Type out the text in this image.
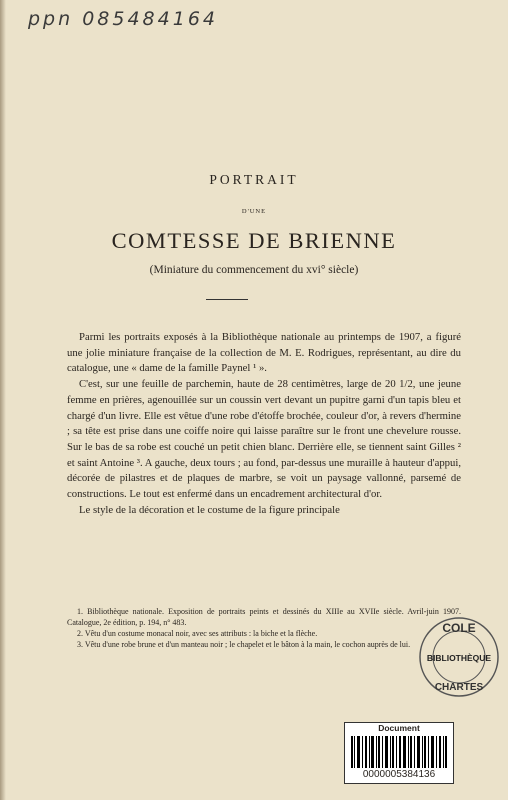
ppn 085484164
PORTRAIT
D'UNE
COMTESSE DE BRIENNE
(Miniature du commencement du xvi° siècle)

Parmi les portraits exposés à la Bibliothèque nationale au printemps de 1907, a figuré une jolie miniature française de la collection de M. E. Rodrigues, représentant, au dire du catalogue, une « dame de la famille Paynel ¹ ».

C'est, sur une feuille de parchemin, haute de 28 centimètres, large de 20 1/2, une jeune femme en prières, agenouillée sur un coussin vert devant un pupitre garni d'un tapis bleu et chargé d'un livre. Elle est vêtue d'une robe d'étoffe brochée, couleur d'or, à revers d'hermine ; sa tête est prise dans une coiffe noire qui laisse paraître sur le front une chevelure rousse. Sur le bas de sa robe est couché un petit chien blanc. Derrière elle, se tiennent saint Gilles ² et saint Antoine ³. A gauche, deux tours ; au fond, par-dessus une muraille à hauteur d'appui, décorée de pilastres et de plaques de marbre, se voit un paysage vallonné, parsemé de constructions. Le tout est enfermé dans un encadrement architectural d'or.

Le style de la décoration et le costume de la figure principale

1. Bibliothèque nationale. Exposition de portraits peints et dessinés du XIIIe au XVIIe siècle. Avril-juin 1907. Catalogue, 2e édition, p. 194, n° 483.

2. Vêtu d'un costume monacal noir, avec ses attributs : la biche et la flèche.

3. Vêtu d'une robe brune et d'un manteau noir ; le chapelet et le bâton à la main, le cochon auprès de lui.

COLE
BIBLIOTHÈQUE
CHARTES
Document
0000005384136
